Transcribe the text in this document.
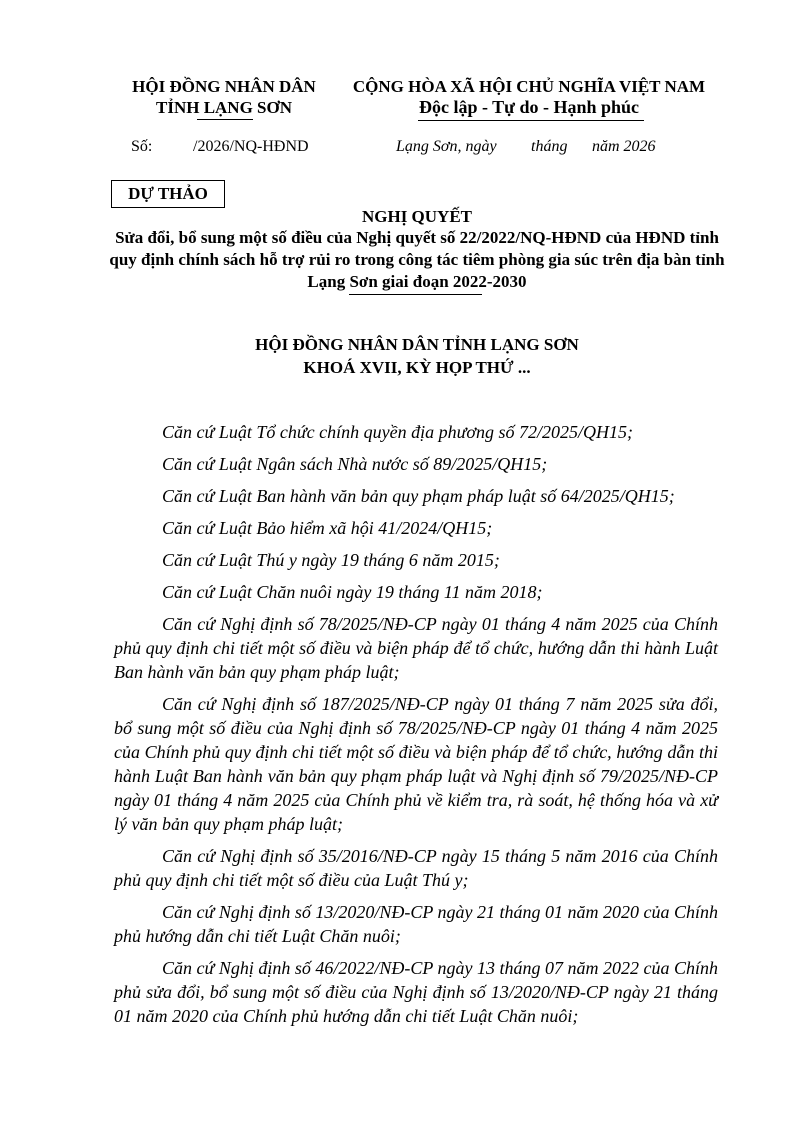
HỘI ĐỒNG NHÂN DÂN
TỈNH LẠNG SƠN
CỘNG HÒA XÃ HỘI CHỦ NGHĨA VIỆT NAM
Độc lập - Tự do - Hạnh phúc
Số:	/2026/NQ-HĐND	Lạng Sơn, ngày tháng năm 2026
DỰ THẢO
NGHỊ QUYẾT
Sửa đổi, bổ sung một số điều của Nghị quyết số 22/2022/NQ-HĐND của HĐND tỉnh quy định chính sách hỗ trợ rủi ro trong công tác tiêm phòng gia súc trên địa bàn tỉnh Lạng Sơn giai đoạn 2022-2030
HỘI ĐỒNG NHÂN DÂN TỈNH LẠNG SƠN
KHOÁ XVII, KỲ HỌP THỨ ...
Căn cứ Luật Tổ chức chính quyền địa phương số 72/2025/QH15;
Căn cứ Luật Ngân sách Nhà nước số 89/2025/QH15;
Căn cứ Luật Ban hành văn bản quy phạm pháp luật số 64/2025/QH15;
Căn cứ Luật Bảo hiểm xã hội 41/2024/QH15;
Căn cứ Luật Thú y ngày 19 tháng 6 năm 2015;
Căn cứ Luật Chăn nuôi ngày 19 tháng 11 năm 2018;
Căn cứ Nghị định số 78/2025/NĐ-CP ngày 01 tháng 4 năm 2025 của Chính phủ quy định chi tiết một số điều và biện pháp để tổ chức, hướng dẫn thi hành Luật Ban hành văn bản quy phạm pháp luật;
Căn cứ Nghị định số 187/2025/NĐ-CP ngày 01 tháng 7 năm 2025 sửa đổi, bổ sung một số điều của Nghị định số 78/2025/NĐ-CP ngày 01 tháng 4 năm 2025 của Chính phủ quy định chi tiết một số điều và biện pháp để tổ chức, hướng dẫn thi hành Luật Ban hành văn bản quy phạm pháp luật và Nghị định số 79/2025/NĐ-CP ngày 01 tháng 4 năm 2025 của Chính phủ về kiểm tra, rà soát, hệ thống hóa và xử lý văn bản quy phạm pháp luật;
Căn cứ Nghị định số 35/2016/NĐ-CP ngày 15 tháng 5 năm 2016 của Chính phủ quy định chi tiết một số điều của Luật Thú y;
Căn cứ Nghị định số 13/2020/NĐ-CP ngày 21 tháng 01 năm 2020 của Chính phủ hướng dẫn chi tiết Luật Chăn nuôi;
Căn cứ Nghị định số 46/2022/NĐ-CP ngày 13 tháng 07 năm 2022 của Chính phủ sửa đổi, bổ sung một số điều của Nghị định số 13/2020/NĐ-CP ngày 21 tháng 01 năm 2020 của Chính phủ hướng dẫn chi tiết Luật Chăn nuôi;
